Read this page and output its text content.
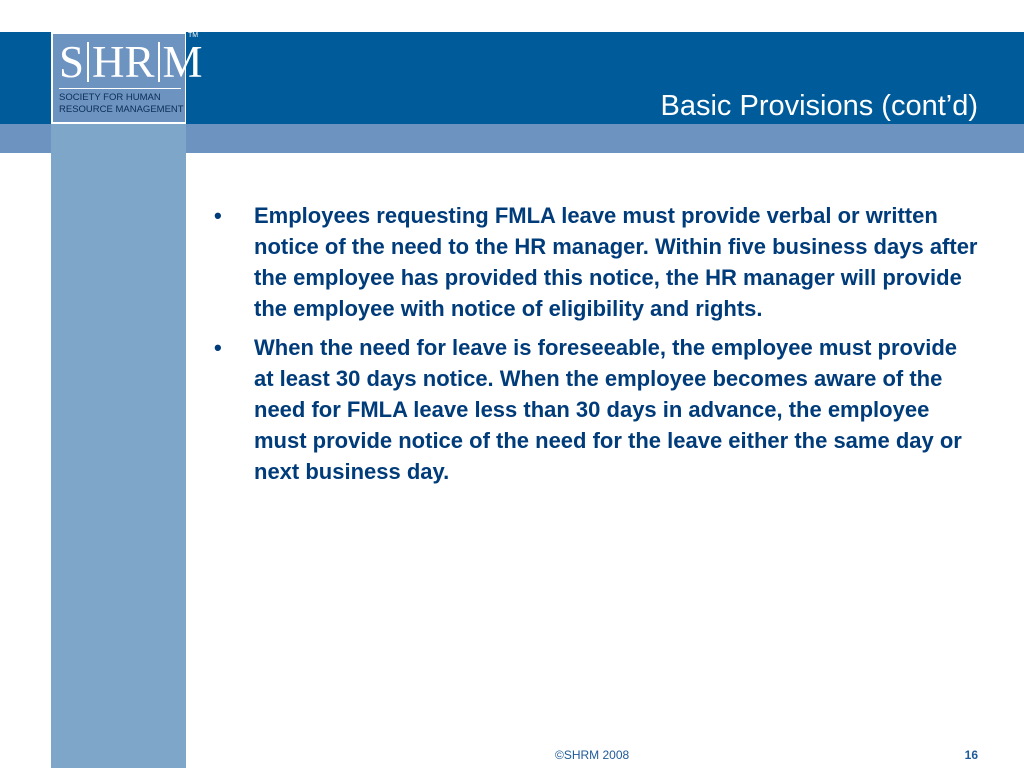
Basic Provisions (cont’d)
S HR M
SOCIETY FOR HUMAN
RESOURCE MANAGEMENT
TM
•	Employees requesting FMLA leave must provide verbal or written notice of the need to the HR manager. Within five business days after the employee has provided this notice, the HR manager will provide the employee with notice of eligibility and rights.
•	When the need for leave is foreseeable, the employee must provide at least 30 days notice. When the employee becomes aware of the need for FMLA leave less than 30 days in advance, the employee must provide notice of the need for the leave either the same day or next business day.
©SHRM 2008	16
